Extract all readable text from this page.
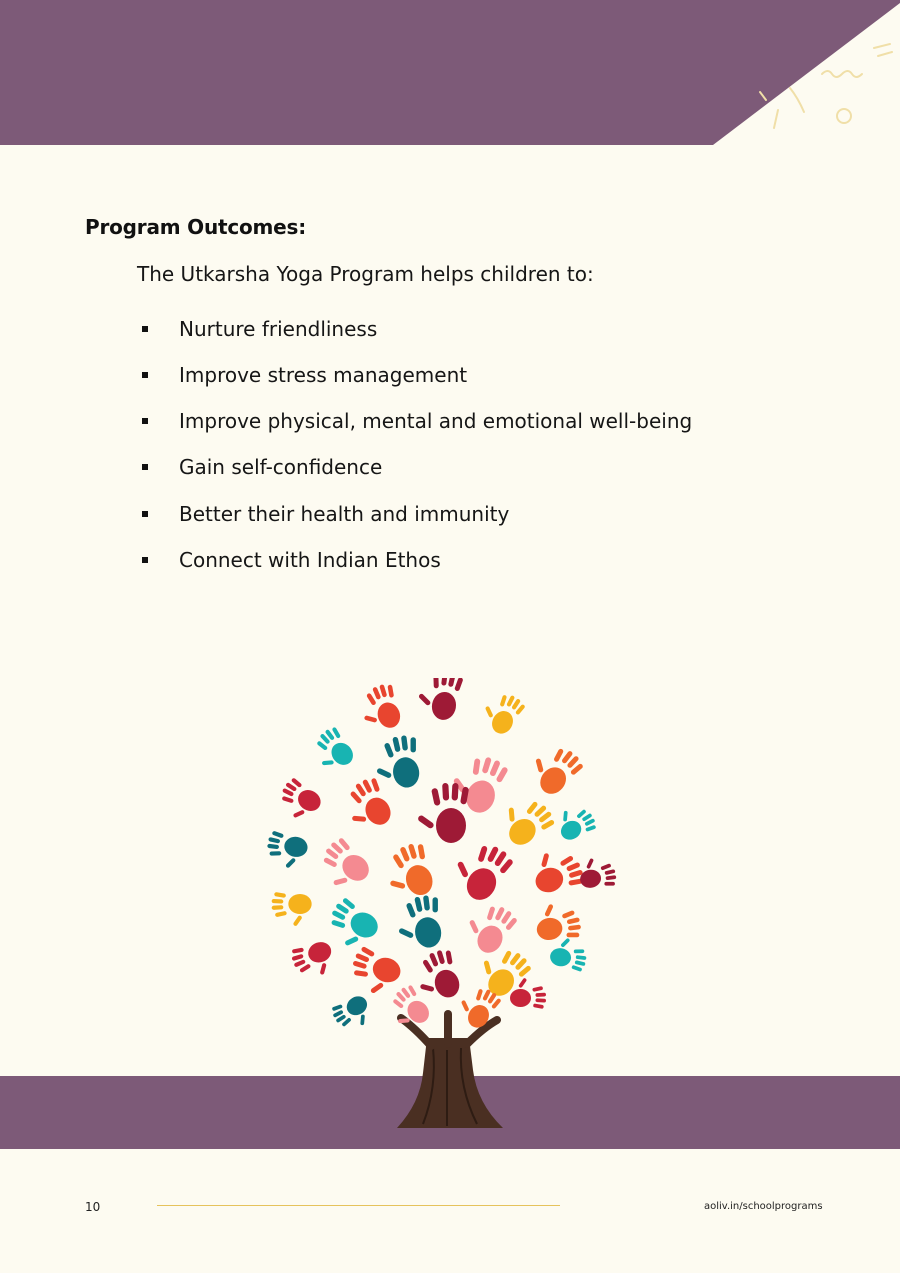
Program Outcomes:
The Utkarsha Yoga Program helps children to:
Nurture friendliness
Improve stress management
Improve physical, mental and emotional well-being
Gain self-confidence
Better their health and immunity
Connect with Indian Ethos
10	aoliv.in/schoolprograms
